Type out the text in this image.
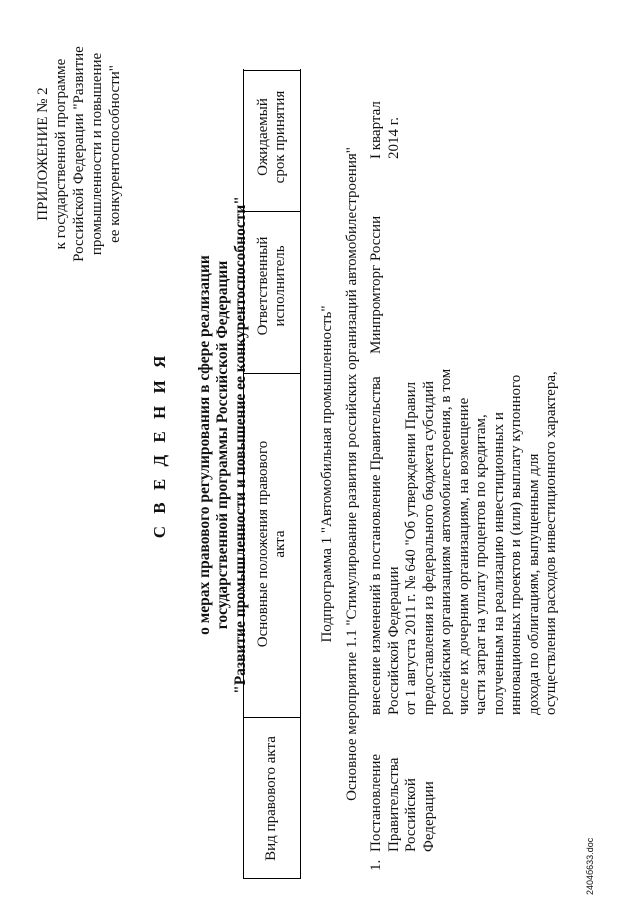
ПРИЛОЖЕНИЕ № 2 к государственной программе Российской Федерации "Развитие промышленности и повышение ее конкурентоспособности"
С В Е Д Е Н И Я о мерах правового регулирования в сфере реализации государственной программы Российской Федерации "Развитие промышленности и повышение ее конкурентоспособности"
Вид правового акта
Основные положения правового акта
Ответственный исполнитель
Ожидаемый срок принятия
Подпрограмма 1 "Автомобильная промышленность" Основное мероприятие 1.1 "Стимулирование развития российских организаций автомобилестроения"
1.
Постановление Правительства Российской Федерации
внесение изменений в постановление Правительства Российской Федерации от 1 августа 2011 г. № 640 "Об утверждении Правил предоставления из федерального бюджета субсидий российским организациям автомобилестроения, в том числе их дочерним организациям, на возмещение части затрат на уплату процентов по кредитам, полученным на реализацию инвестиционных и инновационных проектов и (или) выплату купонного дохода по облигациям, выпущенным для осуществления расходов инвестиционного характера,
Минпромторг России
I квартал 2014 г.
2404б633.doc
